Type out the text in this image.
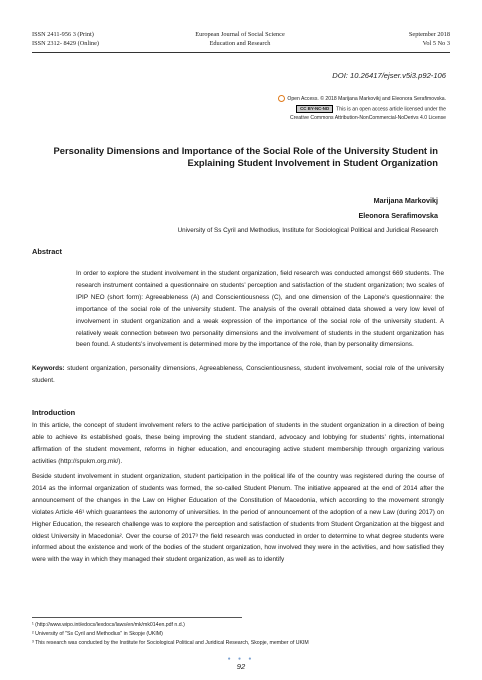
ISSN 2411-956 3 (Print)
ISSN 2312- 8429 (Online)
European Journal of Social Science
Education and Research
September 2018
Vol 5 No 3
DOI: 10.26417/ejser.v5i3.p92-106
Open Access. © 2018 Marijana Markovikj and Eleonora Serafimovska.
CC BY-NC-ND This is an open access article licensed under the
Creative Commons Attribution-NonCommercial-NoDerivs 4.0 License
Personality Dimensions and Importance of the Social Role of the University Student in
Explaining Student Involvement in Student Organization
Marijana Markovikj
Eleonora Serafimovska
University of Ss Cyril and Methodius, Institute for Sociological Political and Juridical Research
Abstract
In order to explore the student involvement in the student organization, field research was conducted amongst 669 students. The research instrument contained a questionnaire on students’ perception and satisfaction of the student organization; two scales of IPIP NEO (short form): Agreeableness (A) and Conscientiousness (C), and one dimension of the Lapone’s questionnaire: the importance of the social role of the university student. The analysis of the overall obtained data showed a very low level of involvement in student organization and a weak expression of the importance of the social role of the university student. A relatively weak connection between two personality dimensions and the involvement of students in the student organization has been found. A students’s involvement is determined more by the importance of the role, than by personality dimensions.
Keywords: student organization, personality dimensions, Agreeableness, Conscientiousness, student involvement, social role of the university student.
Introduction

In this article, the concept of student involvement refers to the active participation of students in the student organization in a direction of being able to achieve its established goals, these being improving the student standard, advocacy and lobbying for students’ rights, international affirmation of the student movement, reforms in higher education, and encouraging active student membership through organizing various activities (http://spukm.org.mk/).

Beside student involvement in student organization, student participation in the political life of the country was registered during the course of 2014 as the informal organization of students was formed, the so-called Student Plenum. The initiative appeared at the end of 2014 after the announcement of the changes in the Law on Higher Education of the Constitution of Macedonia, which according to the movement strongly violates Article 46¹ which guarantees the autonomy of universities. In the period of announcement of the adoption of a new Law (during 2017) on Higher Education, the research challenge was to explore the perception and satisfaction of students from Student Organization at the biggest and oldest University in Macedonia². Over the course of 2017³ the field research was conducted in order to determine to what degree students were informed about the existence and work of the bodies of the student organization, how involved they were in the activities, and how satisfied they were with the way in which they managed their student organization, as well as to identify

¹ (http://www.wipo.int/edocs/lexdocs/laws/en/mk/mk014en.pdf n.d.)
² University of "Ss Cyril and Methodius" in Skopje (UKIM)
³ This research was conducted by the Institute for Sociological Political and Juridical Research, Skopje, member of UKIM
● ● ●
92
